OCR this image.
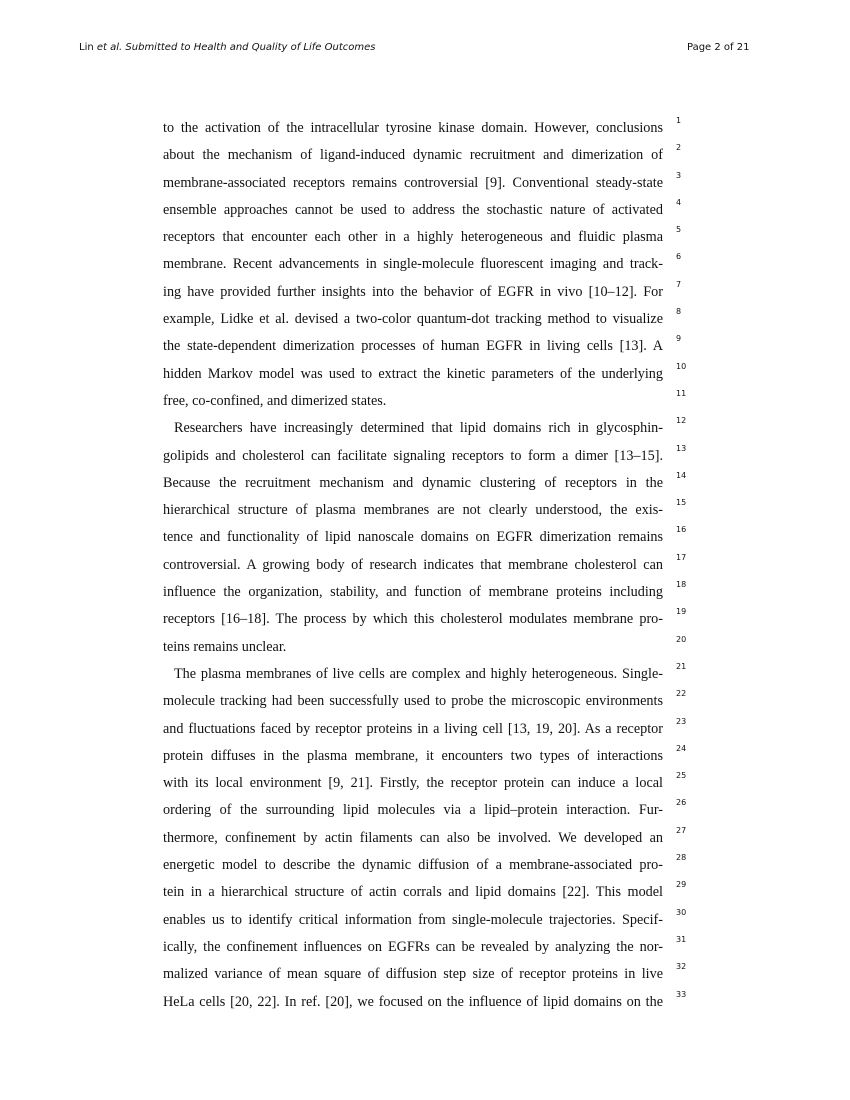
Lin et al. Submitted to Health and Quality of Life Outcomes	Page 2 of 21
to the activation of the intracellular tyrosine kinase domain. However, conclusions
about the mechanism of ligand-induced dynamic recruitment and dimerization of
membrane-associated receptors remains controversial [9]. Conventional steady-state
ensemble approaches cannot be used to address the stochastic nature of activated
receptors that encounter each other in a highly heterogeneous and fluidic plasma
membrane. Recent advancements in single-molecule fluorescent imaging and track-
ing have provided further insights into the behavior of EGFR in vivo [10–12]. For
example, Lidke et al. devised a two-color quantum-dot tracking method to visualize
the state-dependent dimerization processes of human EGFR in living cells [13]. A
hidden Markov model was used to extract the kinetic parameters of the underlying
free, co-confined, and dimerized states.
Researchers have increasingly determined that lipid domains rich in glycosphin-
golipids and cholesterol can facilitate signaling receptors to form a dimer [13–15].
Because the recruitment mechanism and dynamic clustering of receptors in the
hierarchical structure of plasma membranes are not clearly understood, the exis-
tence and functionality of lipid nanoscale domains on EGFR dimerization remains
controversial. A growing body of research indicates that membrane cholesterol can
influence the organization, stability, and function of membrane proteins including
receptors [16–18]. The process by which this cholesterol modulates membrane pro-
teins remains unclear.
The plasma membranes of live cells are complex and highly heterogeneous. Single-
molecule tracking had been successfully used to probe the microscopic environments
and fluctuations faced by receptor proteins in a living cell [13, 19, 20]. As a receptor
protein diffuses in the plasma membrane, it encounters two types of interactions
with its local environment [9, 21]. Firstly, the receptor protein can induce a local
ordering of the surrounding lipid molecules via a lipid–protein interaction. Fur-
thermore, confinement by actin filaments can also be involved. We developed an
energetic model to describe the dynamic diffusion of a membrane-associated pro-
tein in a hierarchical structure of actin corrals and lipid domains [22]. This model
enables us to identify critical information from single-molecule trajectories. Specif-
ically, the confinement influences on EGFRs can be revealed by analyzing the nor-
malized variance of mean square of diffusion step size of receptor proteins in live
HeLa cells [20, 22]. In ref. [20], we focused on the influence of lipid domains on the
1
2
3
4
5
6
7
8
9
10
11
12
13
14
15
16
17
18
19
20
21
22
23
24
25
26
27
28
29
30
31
32
33
